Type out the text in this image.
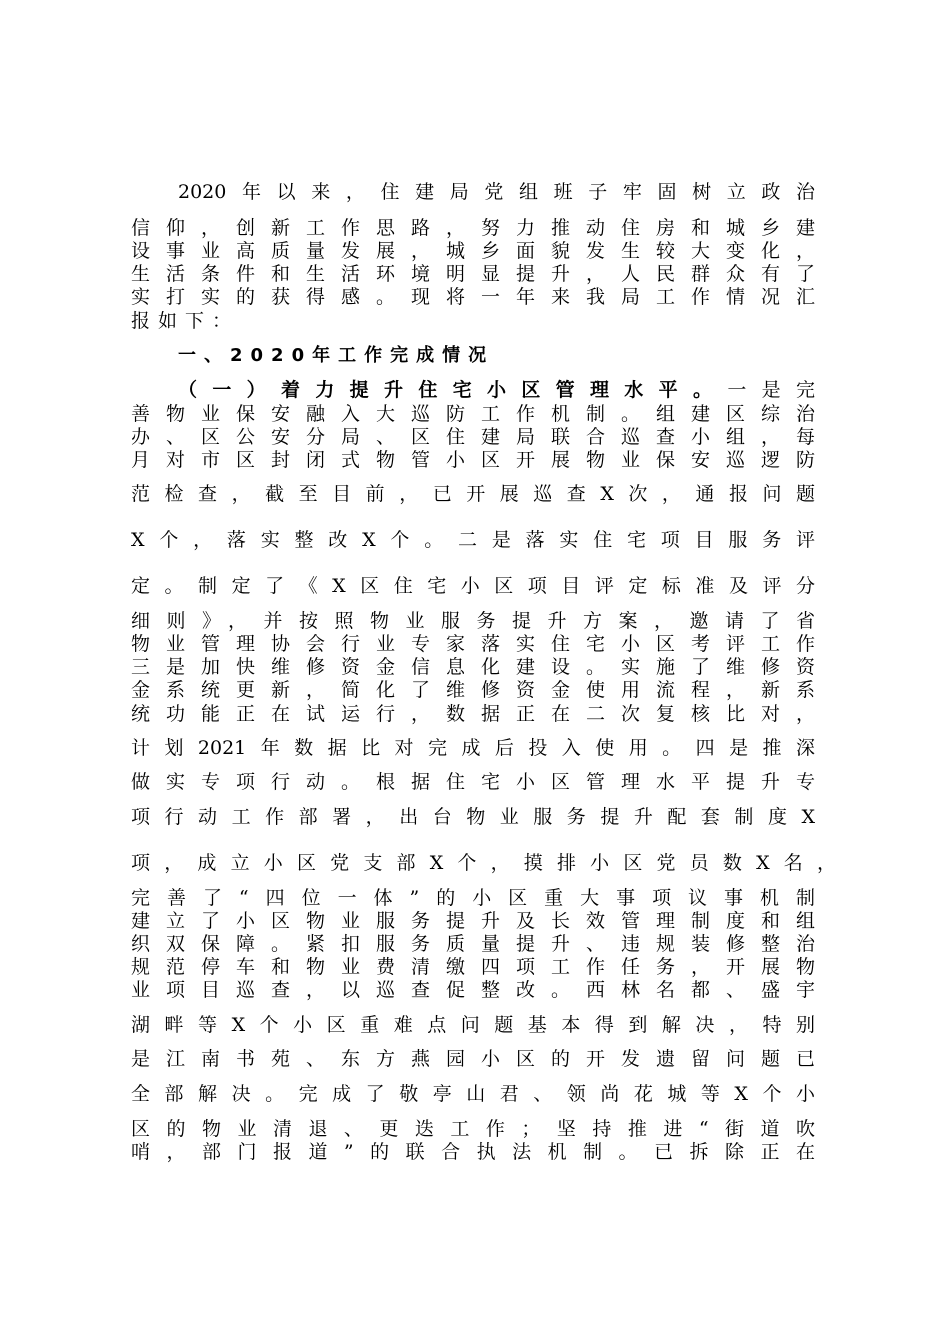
2020年以来，住建局党组班子牢固树立政治
信仰，创新工作思路，努力推动住房和城乡建
设事业高质量发展，城乡面貌发生较大变化，
生活条件和生活环境明显提升，人民群众有了
实打实的获得感。现将一年来我局工作情况汇
报如下：
一、2020年工作完成情况
（一）着力提升住宅小区管理水平。一是完
善物业保安融入大巡防工作机制。组建区综治
办、区公安分局、区住建局联合巡查小组，每
月对市区封闭式物管小区开展物业保安巡逻防
范检查，截至目前，已开展巡查X次，通报问题
X个，落实整改X个。二是落实住宅项目服务评
定。制定了《X区住宅小区项目评定标准及评分
细则》，并按照物业服务提升方案，邀请了省
物业管理协会行业专家落实住宅小区考评工作
三是加快维修资金信息化建设。实施了维修资
金系统更新，简化了维修资金使用流程，新系
统功能正在试运行，数据正在二次复核比对，
计划2021年数据比对完成后投入使用。四是推深
做实专项行动。根据住宅小区管理水平提升专
项行动工作部署，出台物业服务提升配套制度X
项，成立小区党支部X个，摸排小区党员数X名，
完善了“四位一体”的小区重大事项议事机制
建立了小区物业服务提升及长效管理制度和组
织双保障。紧扣服务质量提升、违规装修整治
规范停车和物业费清缴四项工作任务，开展物
业项目巡查，以巡查促整改。西林名都、盛宇
湖畔等X个小区重难点问题基本得到解决，特别
是江南书苑、东方燕园小区的开发遗留问题已
全部解决。完成了敬亭山君、领尚花城等X个小
区的物业清退、更迭工作；坚持推进“街道吹
哨，部门报道”的联合执法机制。已拆除正在
